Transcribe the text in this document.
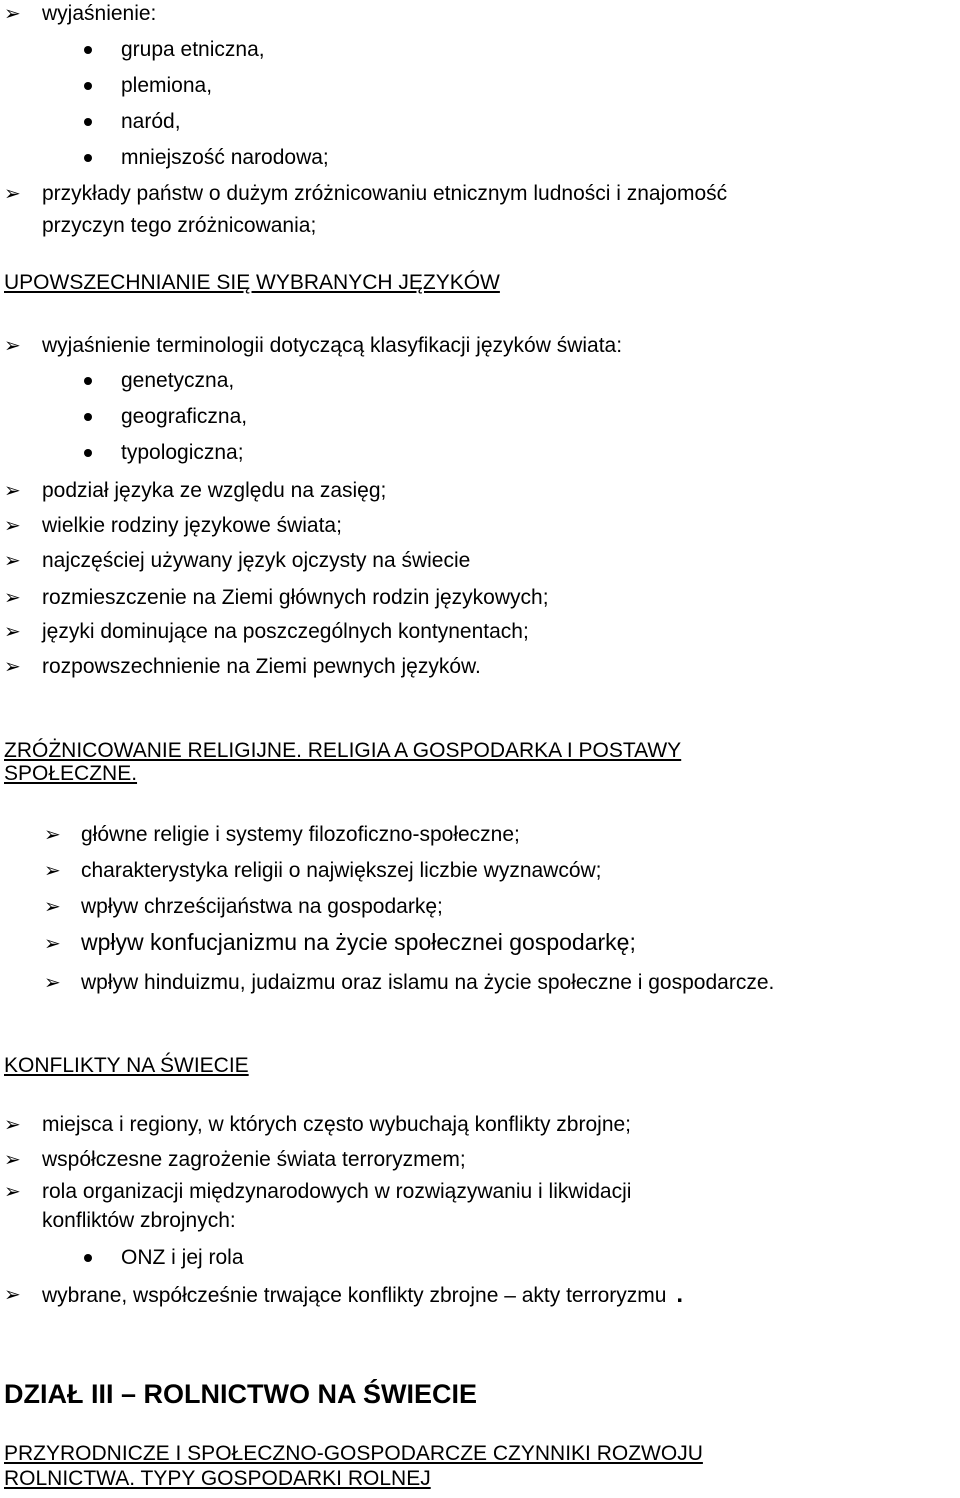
➢ wyjaśnienie:
grupa etniczna,
plemiona,
naród,
mniejszość narodowa;
➢ przykłady państw o dużym zróżnicowaniu etnicznym ludności i znajomość
przyczyn tego zróżnicowania;
UPOWSZECHNIANIE SIĘ WYBRANYCH JĘZYKÓW
➢ wyjaśnienie terminologii dotyczącą klasyfikacji języków świata:
genetyczna,
geograficzna,
typologiczna;
➢ podział języka ze względu na zasięg;
➢ wielkie rodziny językowe świata;
➢ najczęściej używany język ojczysty na świecie
➢ rozmieszczenie na Ziemi głównych rodzin językowych;
➢ języki dominujące na poszczególnych kontynentach;
➢ rozpowszechnienie na Ziemi pewnych języków.
ZRÓŻNICOWANIE RELIGIJNE. RELIGIA A GOSPODARKA I POSTAWY
SPOŁECZNE.
➢ główne religie i systemy filozoficzno-społeczne;
➢ charakterystyka religii o największej liczbie wyznawców;
➢ wpływ chrześcijaństwa na gospodarkę;
➢ wpływ konfucjanizmu na życie społecznei gospodarkę;
➢ wpływ hinduizmu, judaizmu oraz islamu na życie społeczne i gospodarcze.
KONFLIKTY NA ŚWIECIE
➢ miejsca i regiony, w których często wybuchają konflikty zbrojne;
➢ współczesne zagrożenie świata terroryzmem;
➢ rola organizacji międzynarodowych w rozwiązywaniu i likwidacji
konfliktów zbrojnych:
ONZ i jej rola
➢ wybrane, współcześnie trwające konflikty zbrojne – akty terroryzmu .
DZIAŁ III – ROLNICTWO NA ŚWIECIE
PRZYRODNICZE I SPOŁECZNO-GOSPODARCZE CZYNNIKI ROZWOJU
ROLNICTWA. TYPY GOSPODARKI ROLNEJ
